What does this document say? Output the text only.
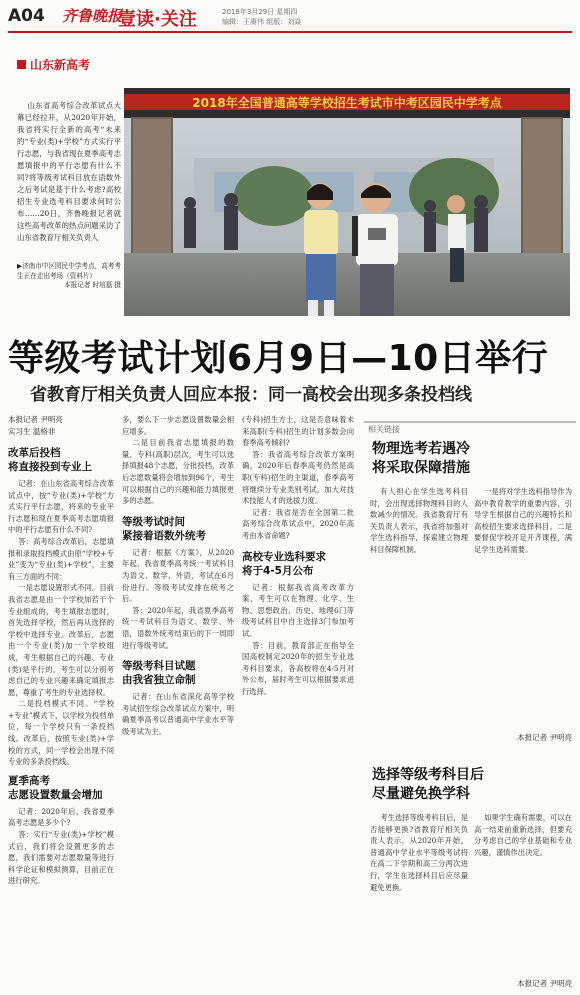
A04 齐鲁晚报
壹读·关注	2018年3月29日 星期四
编辑：王赓伟 组版：刘焱
山东新高考
山东省高考综合改革试点大幕已经拉开，从2020年开始，我省将实行全新的高考“未来的“专业(类)+学校”方式实行平行志愿，与我省现在夏季高考志愿填报中的平行志愿有什么不同?将等级考试科目放在语数外之后考试是基于什么考虑?高校招生专业选考科目要求何时公布……20日，齐鲁晚报记者就这些高考改革的热点问题采访了山东省教育厅相关负责人
▶济南市中区园民中学考点，高考考生正在走出考场（资料片）
本报记者 时培磊 摄
2018年全国普通高等学校招生考试市中考区园民中学考点
等级考试计划6月9日—10日举行
省教育厅相关负责人回应本报：同一高校会出现多条投档线
本报记者 尹明亮
实习生 温格非
改革后投档
将直接投到专业上

记者：在山东省高考综合改革试点中，按“专业(类)+学校”方式实行平行志愿，将来的专业平行志愿和现在夏季高考志愿填报中的平行志愿有什么不同?

答：高考综合改革后，志愿填报和录取投档模式由原“学校+专业”变为“专业(类)+学校”，主要有三方面的不同：

一是志愿设置形式不同。目前我省志愿是由一个学校加若干个专业组成的，考生填报志愿时，首先选择学校，然后再从选择的学校中选择专业。改革后，志愿由一个专业(类)加一个学校组成，考生根据自己的兴趣、专业(类)是平行的，考生可以分别考虑自己的专业兴趣来确定填报志愿，尊重了考生的专业选择权。

二是投档模式不同。“学校+专业”模式下，以学校为投档单位，每一个学校只有一条投档线。改革后，按照专业(类)+学校的方式，同一学校会出现不同专业的多条投档线。

夏季高考
志愿设置数量会增加

记者：2020年后，我省夏季高考志愿是多少个?

答：实行“专业(类)+学校”模式后，我们将会设置更多的志愿，我们需要对志愿数量等进行科学论证和模拟测算，目前正在进行研究。

多，要么下一步志愿设置数量会相应增多。

二是目前我省志愿填报的数量，专科(高职)层次，考生可以选择填报48个志愿，分批投档，改革后志愿数量将会增加到96个，考生可以根据自己的兴趣和能力填报更多的志愿。

等级考试时间
紧接着语数外统考

记者：根据《方案》，从2020年起，我省夏季高考统一考试科目为语文、数学、外语，考试在6月份进行。等级考试安排在统考之后。

答：2020年起，我省夏季高考统一考试科目为语文、数学、外语，语数外统考结束后的下一周即进行等级考试。

等级考科目试题
由我省独立命制

记者：在山东省深化高等学校考试招生综合改革试点方案中，明确夏季高考以普通高中学业水平等级考试为主。

(专科)招生方士，这是否意味着未来高职(专科)招生的计划多数会向春季高考倾斜?

答：我省高考综合改革方案明确，2020年后春季高考仍然是高职(专科)招生的主渠道，春季高考将继续分专业类别考试，加大对技术技能人才的选拔力度。

记者：我省是否在全国第二批高考综合改革试点中，2020年高考由本省命题?

高校专业选科要求
将于4-5月公布

记者：根据我省高考改革方案，考生可以在物理、化学、生物、思想政治、历史、地理6门等级考试科目中自主选择3门参加考试。

答：目前，教育部正在指导全国高校制定2020年的招生专业选考科目要求，各高校将在4-5月对外公布，届时考生可以根据要求进行选择。

相关链接
物理选考若遇冷
将采取保障措施

有人担心在学生选考科目时，会出现选择物理科目的人数减少的情况。我省教育厅有关负责人表示，我省将加强对学生选科指导，探索建立物理科目保障机制。

一是将对学生选科指导作为高中教育教学的重要内容，引导学生根据自己的兴趣特长和高校招生要求选择科目。二是要督促学校开足开齐课程，满足学生选科需要。

本报记者 尹明亮
选择等级考科目后
尽量避免换学科

考生选择等级考科目后，是否能够更换?省教育厅相关负责人表示，从2020年开始，普通高中学业水平等级考试将在高二下学期和高三分两次进行，学生在选择科目后应尽量避免更换。

如果学生确有需要，可以在高一结束前重新选择，但要充分考虑自己的学业基础和专业兴趣，谨慎作出决定。

本报记者 尹明亮
